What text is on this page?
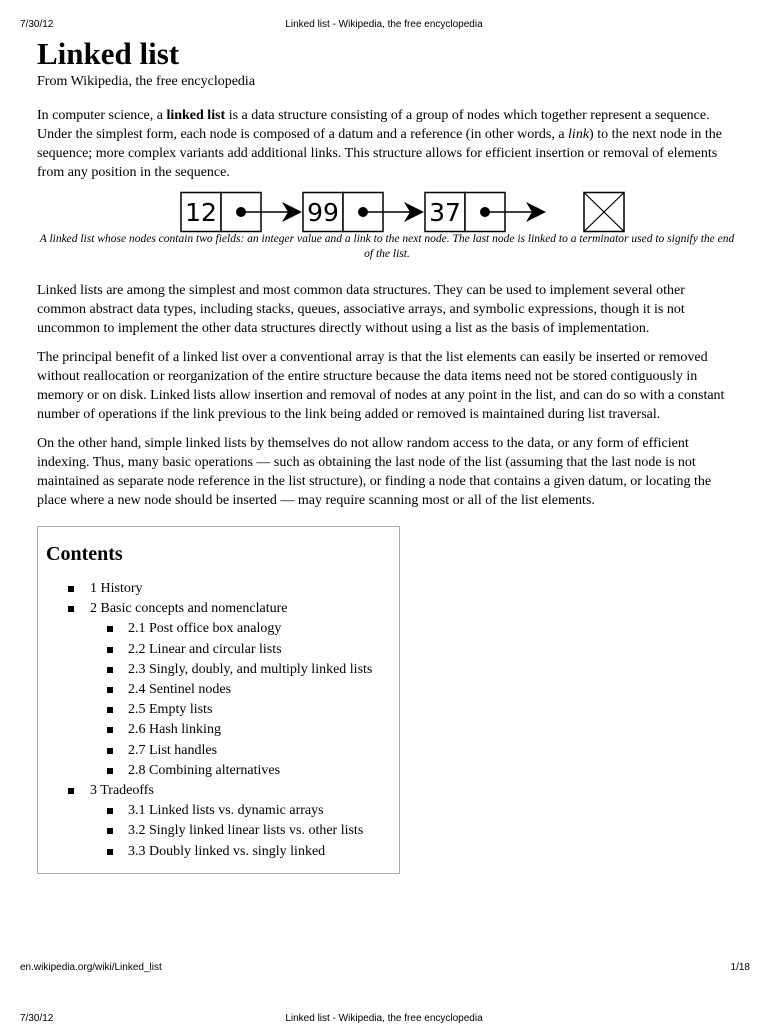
7/30/12	Linked list - Wikipedia, the free encyclopedia
Linked list
From Wikipedia, the free encyclopedia

In computer science, a linked list is a data structure consisting of a group of nodes which together represent a sequence. Under the simplest form, each node is composed of a datum and a reference (in other words, a link) to the next node in the sequence; more complex variants add additional links. This structure allows for efficient insertion or removal of elements from any position in the sequence.

12	99	37
A linked list whose nodes contain two fields: an integer value and a link to the next node. The last node is linked to a terminator used to signify the end of the list.

Linked lists are among the simplest and most common data structures. They can be used to implement several other common abstract data types, including stacks, queues, associative arrays, and symbolic expressions, though it is not uncommon to implement the other data structures directly without using a list as the basis of implementation.

The principal benefit of a linked list over a conventional array is that the list elements can easily be inserted or removed without reallocation or reorganization of the entire structure because the data items need not be stored contiguously in memory or on disk. Linked lists allow insertion and removal of nodes at any point in the list, and can do so with a constant number of operations if the link previous to the link being added or removed is maintained during list traversal.

On the other hand, simple linked lists by themselves do not allow random access to the data, or any form of efficient indexing. Thus, many basic operations — such as obtaining the last node of the list (assuming that the last node is not maintained as separate node reference in the list structure), or finding a node that contains a given datum, or locating the place where a new node should be inserted — may require scanning most or all of the list elements.

Contents
1 History
2 Basic concepts and nomenclature
2.1 Post office box analogy
2.2 Linear and circular lists
2.3 Singly, doubly, and multiply linked lists
2.4 Sentinel nodes
2.5 Empty lists
2.6 Hash linking
2.7 List handles
2.8 Combining alternatives
3 Tradeoffs
3.1 Linked lists vs. dynamic arrays
3.2 Singly linked linear lists vs. other lists
3.3 Doubly linked vs. singly linked
en.wikipedia.org/wiki/Linked_list	1/18
7/30/12	Linked list - Wikipedia, the free encyclopedia
